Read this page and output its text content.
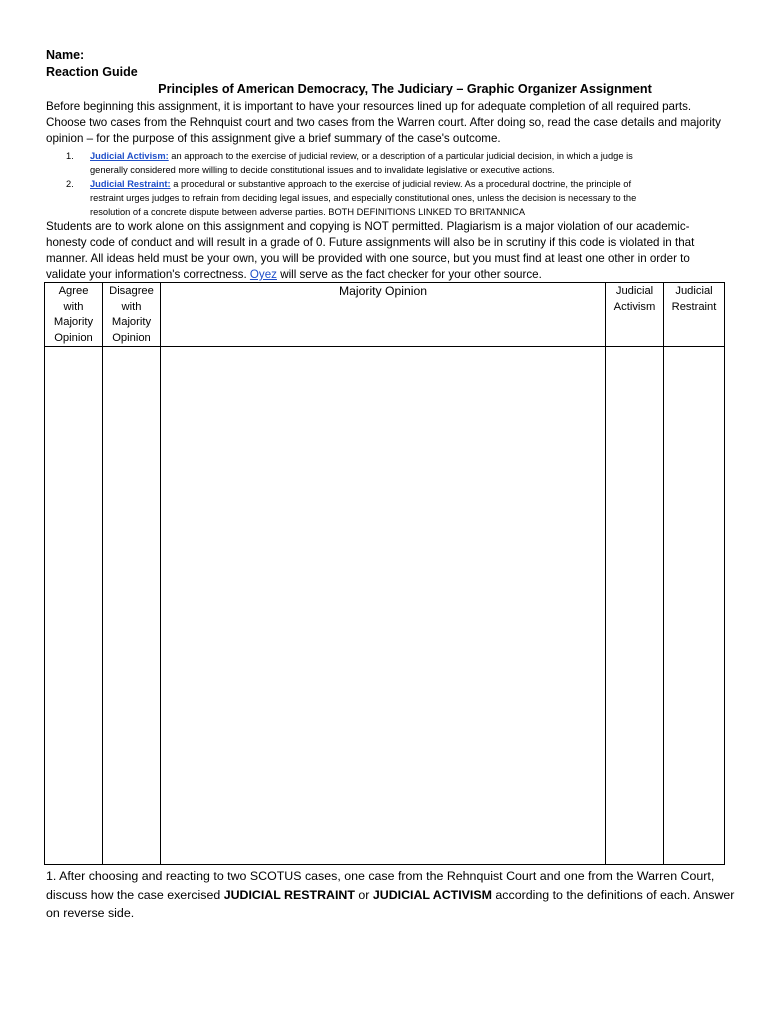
Name:
Reaction Guide
Principles of American Democracy, The Judiciary – Graphic Organizer Assignment
Before beginning this assignment, it is important to have your resources lined up for adequate completion of all required parts.
Choose two cases from the Rehnquist court and two cases from the Warren court. After doing so, read the case details and majority
opinion – for the purpose of this assignment give a brief summary of the case's outcome.
1. Judicial Activism: an approach to the exercise of judicial review, or a description of a particular judicial decision, in which a judge is
generally considered more willing to decide constitutional issues and to invalidate legislative or executive actions.
2. Judicial Restraint: a procedural or substantive approach to the exercise of judicial review. As a procedural doctrine, the principle of
restraint urges judges to refrain from deciding legal issues, and especially constitutional ones, unless the decision is necessary to the
resolution of a concrete dispute between adverse parties. BOTH DEFINITIONS LINKED TO BRITANNICA
Students are to work alone on this assignment and copying is NOT permitted. Plagiarism is a major violation of our academic-
honesty code of conduct and will result in a grade of 0. Future assignments will also be in scrutiny if this code is violated in that
manner. All ideas held must be your own, you will be provided with one source, but you must find at least one other in order to
validate your information's correctness. Oyez will serve as the fact checker for your other source.
Agree
with
Majority
Opinion	Disagree
with
Majority
Opinion	Majority Opinion	Judicial
Activism	Judicial
Restraint

1. After choosing and reacting to two SCOTUS cases, one case from the Rehnquist Court and one from the Warren Court,
discuss how the case exercised JUDICIAL RESTRAINT or JUDICIAL ACTIVISM according to the definitions of each. Answer
on reverse side.
